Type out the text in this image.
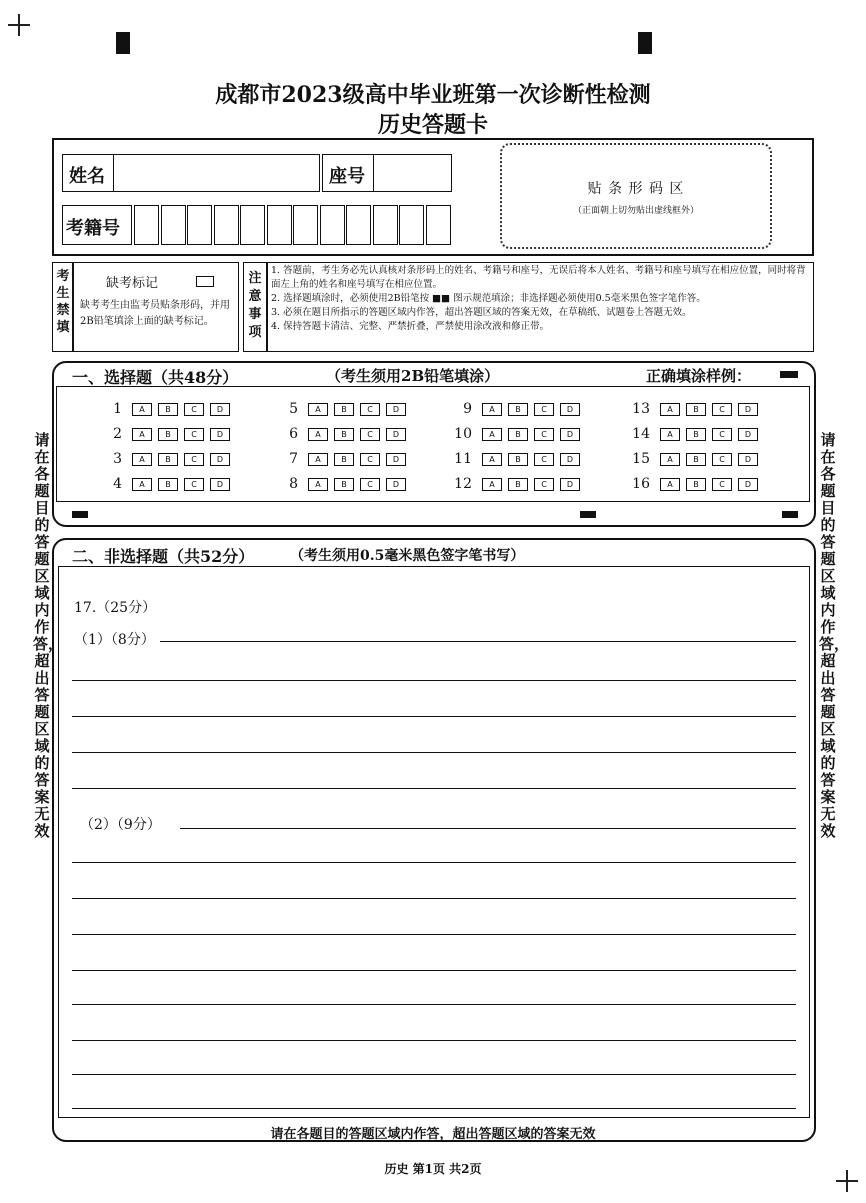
成都市2023级高中毕业班第一次诊断性检测
历史答题卡
姓名	座号
考籍号
贴 条 形 码 区
（正面朝上切勿贴出虚线框外）
考生禁填
缺考标记
缺考考生由监考员贴条形码，并用2B铅笔填涂上面的缺考标记。
注意事项
1. 答题前，考生务必先认真核对条形码上的姓名、考籍号和座号，无误后将本人姓名、考籍号和座号填写在相应位置，同时将背面左上角的姓名和座号填写在相应位置。
2. 选择题填涂时，必须使用2B铅笔按 ■■ 图示规范填涂；非选择题必须使用0.5毫米黑色签字笔作答。
3. 必须在题目所指示的答题区域内作答，超出答题区域的答案无效，在草稿纸、试题卷上答题无效。
4. 保持答题卡清洁、完整、严禁折叠，严禁使用涂改液和修正带。
一、选择题（共48分）	（考生须用2B铅笔填涂）	正确填涂样例：
1	A	B	C	D
2	A	B	C	D
3	A	B	C	D
4	A	B	C	D
5	A	B	C	D
6	A	B	C	D
7	A	B	C	D
8	A	B	C	D
9	A	B	C	D
10	A	B	C	D
11	A	B	C	D
12	A	B	C	D
13	A	B	C	D
14	A	B	C	D
15	A	B	C	D
16	A	B	C	D
二、非选择题（共52分）	（考生须用0.5毫米黑色签字笔书写）
17.（25分）
（1）（8分）
（2）（9分）
请在各题目的答题区域内作答，超出答题区域的答案无效
请在各题目的答题区域内作答，超出答题区域的答案无效
请在各题目的答题区域内作答，超出答题区域的答案无效
历史 第1页 共2页
